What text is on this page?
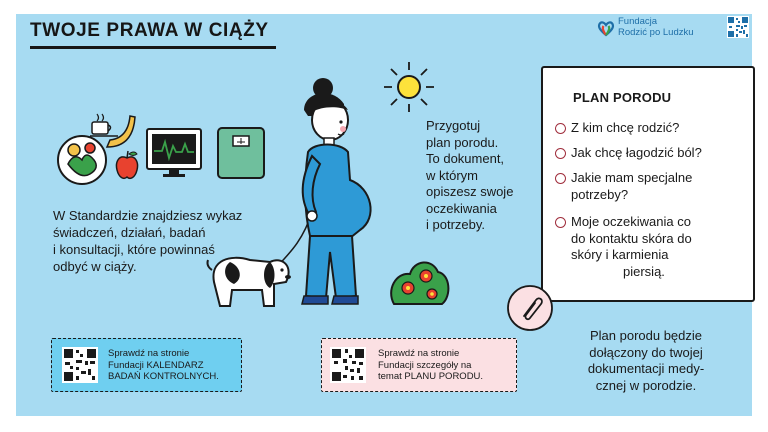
TWOJE PRAWA W CIĄŻY	Fundacja
Rodzić po Ludzku
W Standardzie znajdziesz wykaz
świadczeń, działań, badań
i konsultacji, które powinnaś
odbyć w ciąży.
Przygotuj
plan porodu.
To dokument,
w którym
opiszesz swoje
oczekiwania
i potrzeby.
PLAN PORODU
Z kim chcę rodzić?
Jak chcę łagodzić ból?
Jakie mam specjalne
potrzeby?
Moje oczekiwania co
do kontaktu skóra do
skóry i karmienia
piersią.
Plan porodu będzie
dołączony do twojej
dokumentacji medy-
cznej w porodzie.
Sprawdź na stronie
Fundacji KALENDARZ
BADAŃ KONTROLNYCH.
Sprawdź na stronie
Fundacji szczegóły na
temat PLANU PORODU.
